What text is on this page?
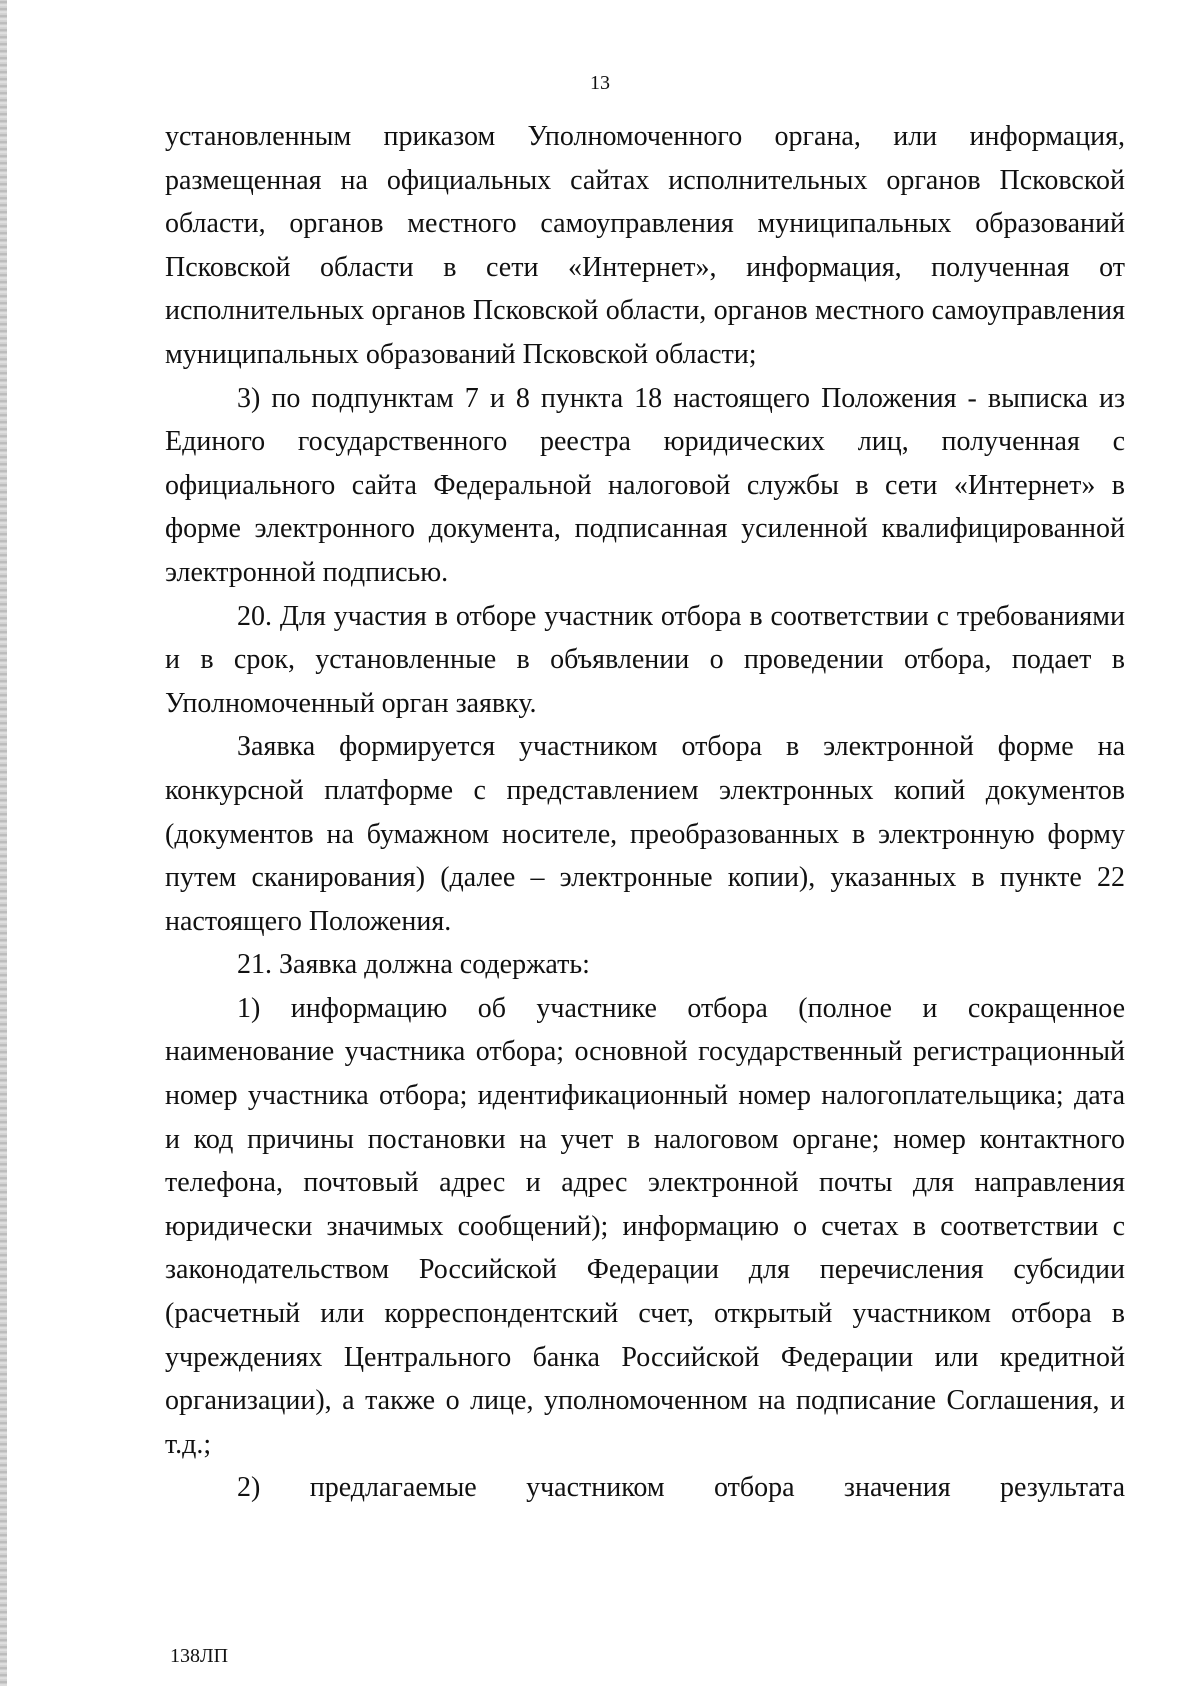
13

установленным приказом Уполномоченного органа, или информация, размещенная на официальных сайтах исполнительных органов Псковской области, органов местного самоуправления муниципальных образований Псковской области в сети «Интернет», информация, полученная от исполнительных органов Псковской области, органов местного самоуправления муниципальных образований Псковской области;

3) по подпунктам 7 и 8 пункта 18 настоящего Положения - выписка из Единого государственного реестра юридических лиц, полученная с официального сайта Федеральной налоговой службы в сети «Интернет» в форме электронного документа, подписанная усиленной квалифицированной электронной подписью.

20. Для участия в отборе участник отбора в соответствии с требованиями и в срок, установленные в объявлении о проведении отбора, подает в Уполномоченный орган заявку.

Заявка формируется участником отбора в электронной форме на конкурсной платформе с представлением электронных копий документов (документов на бумажном носителе, преобразованных в электронную форму путем сканирования) (далее – электронные копии), указанных в пункте 22 настоящего Положения.

21. Заявка должна содержать:

1) информацию об участнике отбора (полное и сокращенное наименование участника отбора; основной государственный регистрационный номер участника отбора; идентификационный номер налогоплательщика; дата и код причины постановки на учет в налоговом органе; номер контактного телефона, почтовый адрес и адрес электронной почты для направления юридически значимых сообщений); информацию о счетах в соответствии с законодательством Российской Федерации для перечисления субсидии (расчетный или корреспондентский счет, открытый участником отбора в учреждениях Центрального банка Российской Федерации или кредитной организации), а также о лице, уполномоченном на подписание Соглашения, и т.д.;

2) предлагаемые участником отбора значения результата

138ЛП
